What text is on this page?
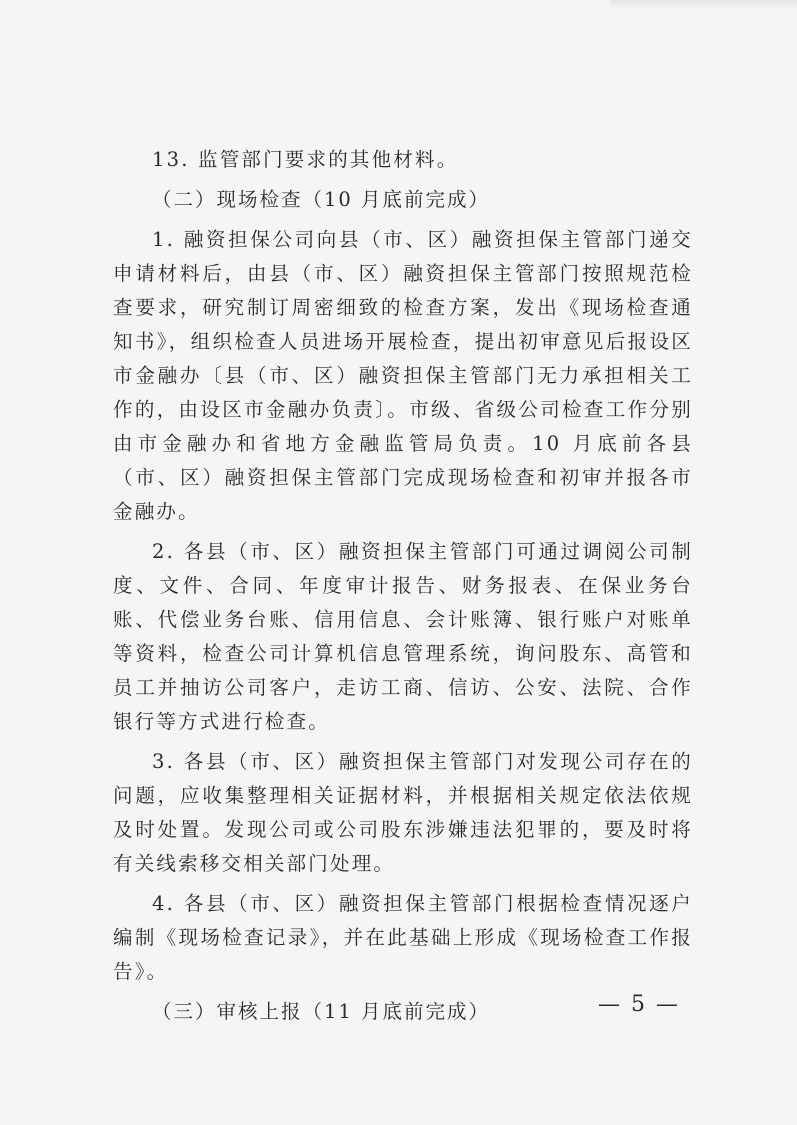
13. 监管部门要求的其他材料。

（二）现场检查（10 月底前完成）

1. 融资担保公司向县（市、区）融资担保主管部门递交申请材料后，由县（市、区）融资担保主管部门按照规范检查要求，研究制订周密细致的检查方案，发出《现场检查通知书》，组织检查人员进场开展检查，提出初审意见后报设区市金融办〔县（市、区）融资担保主管部门无力承担相关工作的，由设区市金融办负责〕。市级、省级公司检查工作分别由市金融办和省地方金融监管局负责。10 月底前各县（市、区）融资担保主管部门完成现场检查和初审并报各市金融办。

2. 各县（市、区）融资担保主管部门可通过调阅公司制度、文件、合同、年度审计报告、财务报表、在保业务台账、代偿业务台账、信用信息、会计账簿、银行账户对账单等资料，检查公司计算机信息管理系统，询问股东、高管和员工并抽访公司客户，走访工商、信访、公安、法院、合作银行等方式进行检查。

3. 各县（市、区）融资担保主管部门对发现公司存在的问题，应收集整理相关证据材料，并根据相关规定依法依规及时处置。发现公司或公司股东涉嫌违法犯罪的，要及时将有关线索移交相关部门处理。

4. 各县（市、区）融资担保主管部门根据检查情况逐户编制《现场检查记录》，并在此基础上形成《现场检查工作报告》。

（三）审核上报（11 月底前完成）	— 5 —
